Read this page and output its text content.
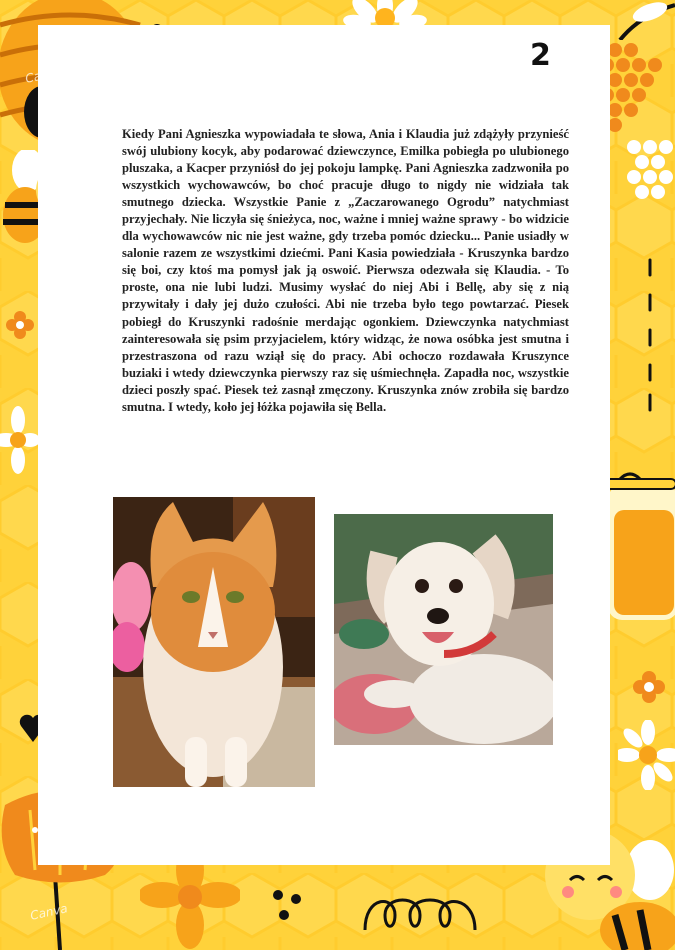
2

Kiedy Pani Agnieszka wypowiadała te słowa, Ania i Klaudia już zdążyły przynieść swój ulubiony kocyk, aby podarować dziewczynce, Emilka pobiegła po ulubionego pluszaka, a Kacper przyniósł do jej pokoju lampkę. Pani Agnieszka zadzwoniła po wszystkich wychowawców, bo choć pracuje długo to nigdy nie widziała tak smutnego dziecka. Wszystkie Panie z „Zaczarowanego Ogrodu” natychmiast przyjechały. Nie liczyła się śnieżyca, noc, ważne i mniej ważne sprawy - bo widzicie dla wychowawców nic nie jest ważne, gdy trzeba pomóc dziecku... Panie usiadły w salonie razem ze wszystkimi dziećmi. Pani Kasia powiedziała - Kruszynka bardzo się boi, czy ktoś ma pomysł jak ją oswoić. Pierwsza odezwała się Klaudia. - To proste, ona nie lubi ludzi. Musimy wysłać do niej Abi i Bellę, aby się z nią przywitały i dały jej dużo czułości. Abi nie trzeba było tego powtarzać. Piesek pobiegł do Kruszynki radośnie merdając ogonkiem. Dziewczynka natychmiast zainteresowała się psim przyjacielem, który widząc, że nowa osóbka jest smutna i przestraszona od razu wziął się do pracy. Abi ochoczo rozdawała Kruszynce buziaki i wtedy dziewczynka pierwszy raz się uśmiechnęła. Zapadła noc, wszystkie dzieci poszły spać. Piesek też zasnął zmęczony. Kruszynka znów zrobiła się bardzo smutna. I wtedy, koło jej łóżka pojawiła się Bella.

Canva
Canva
